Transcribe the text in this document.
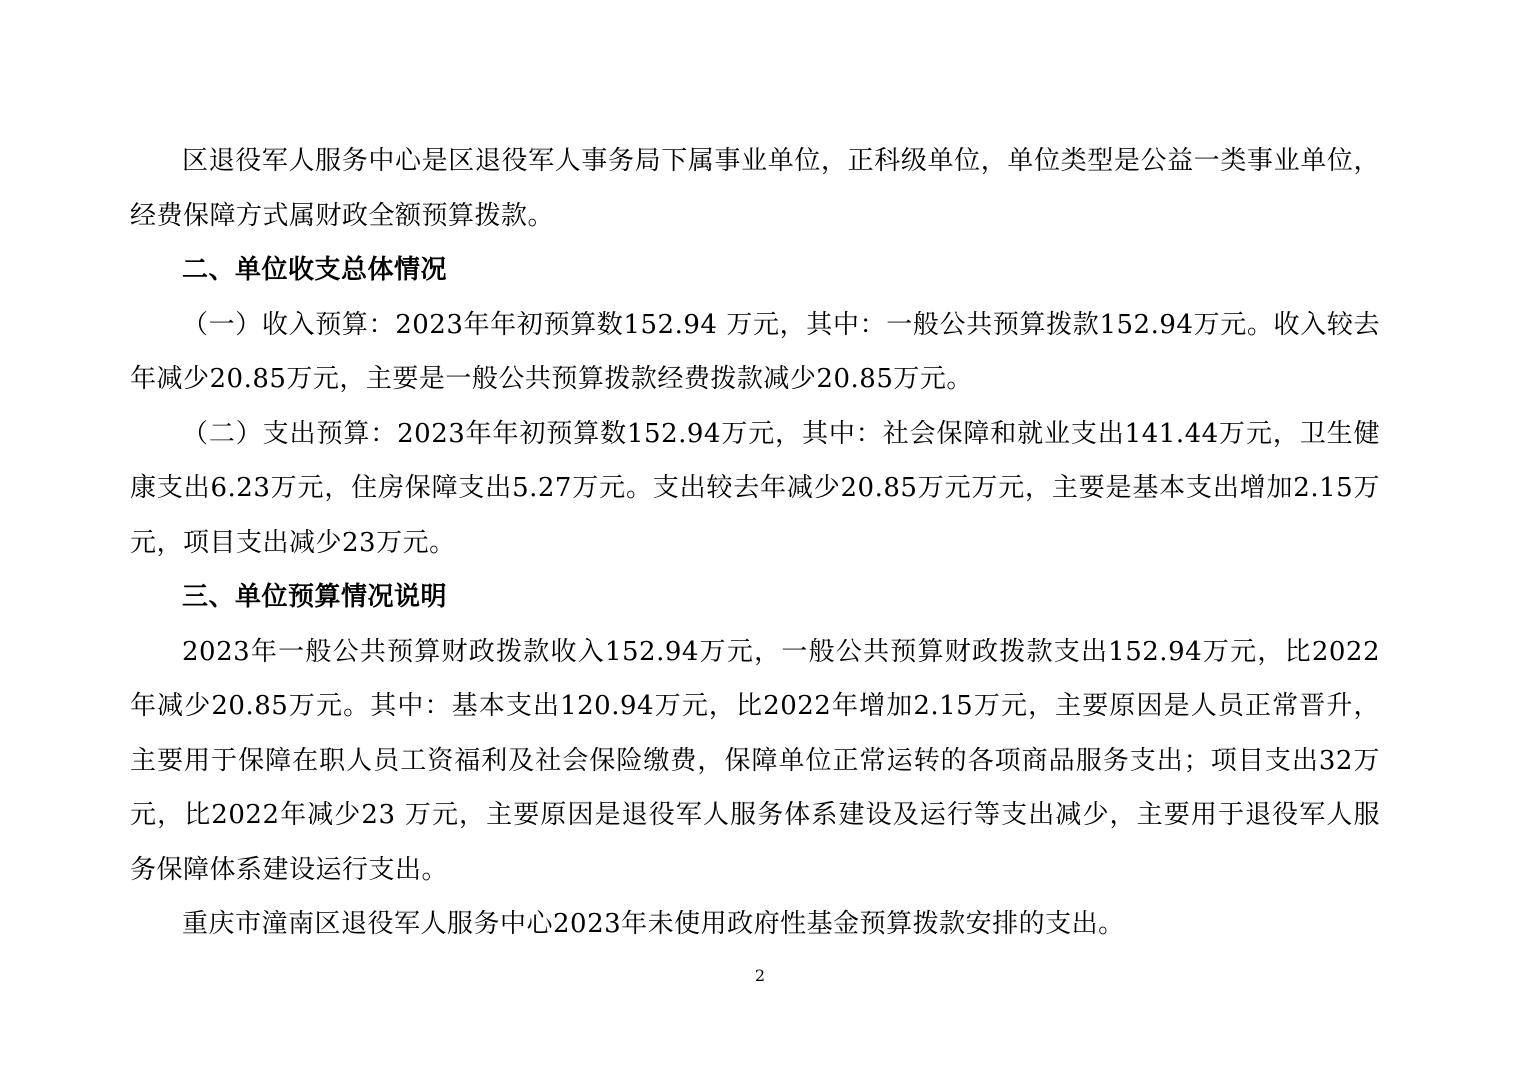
区退役军人服务中心是区退役军人事务局下属事业单位，正科级单位，单位类型是公益一类事业单位，经费保障方式属财政全额预算拨款。

二、单位收支总体情况

（一）收入预算：2023年年初预算数152.94 万元，其中：一般公共预算拨款152.94万元。收入较去年减少20.85万元，主要是一般公共预算拨款经费拨款减少20.85万元。

（二）支出预算：2023年年初预算数152.94万元，其中：社会保障和就业支出141.44万元，卫生健康支出6.23万元，住房保障支出5.27万元。支出较去年减少20.85万元万元，主要是基本支出增加2.15万元，项目支出减少23万元。

三、单位预算情况说明

2023年一般公共预算财政拨款收入152.94万元，一般公共预算财政拨款支出152.94万元，比2022年减少20.85万元。其中：基本支出120.94万元，比2022年增加2.15万元，主要原因是人员正常晋升，主要用于保障在职人员工资福利及社会保险缴费，保障单位正常运转的各项商品服务支出；项目支出32万元，比2022年减少23 万元，主要原因是退役军人服务体系建设及运行等支出减少，主要用于退役军人服务保障体系建设运行支出。

重庆市潼南区退役军人服务中心2023年未使用政府性基金预算拨款安排的支出。

2
